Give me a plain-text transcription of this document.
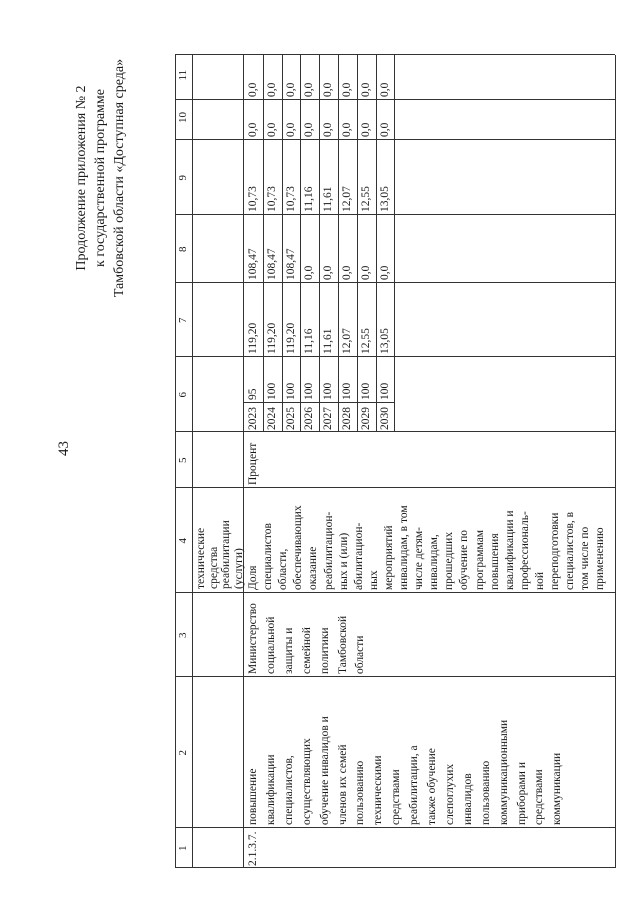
43
Продолжение приложения № 2 к государственной программе Тамбовской области «Доступная среда»
1
2
3
4
5
6
7
8
9
10
11
технические средства реабилитации (услуги)
2.1.3.7.
повышение квалификации специалистов, осуществляющих обучение инвалидов и членов их семей пользованию техническими средствами реабилитации, а также обучение слепоглухих инвалидов пользованию коммуникационными приборами и средствами коммуникации
Министерство социальной защиты и семейной политики Тамбовской области
Доля специалистов области, обеспечивающих оказание реабилитацион- ных и (или) абилитацион- ных мероприятий инвалидам, в том числе детям- инвалидам, прошедших обучение по программам повышения квалификации и профессиональ- ной переподготовки специалистов, в том числе по применению
Процент
2023
95
119,20
108,47
10,73
0,0
0,0
2024
100
119,20
108,47
10,73
0,0
0,0
2025
100
119,20
108,47
10,73
0,0
0,0
2026
100
11,16
0,0
11,16
0,0
0,0
2027
100
11,61
0,0
11,61
0,0
0,0
2028
100
12,07
0,0
12,07
0,0
0,0
2029
100
12,55
0,0
12,55
0,0
0,0
2030
100
13,05
0,0
13,05
0,0
0,0
